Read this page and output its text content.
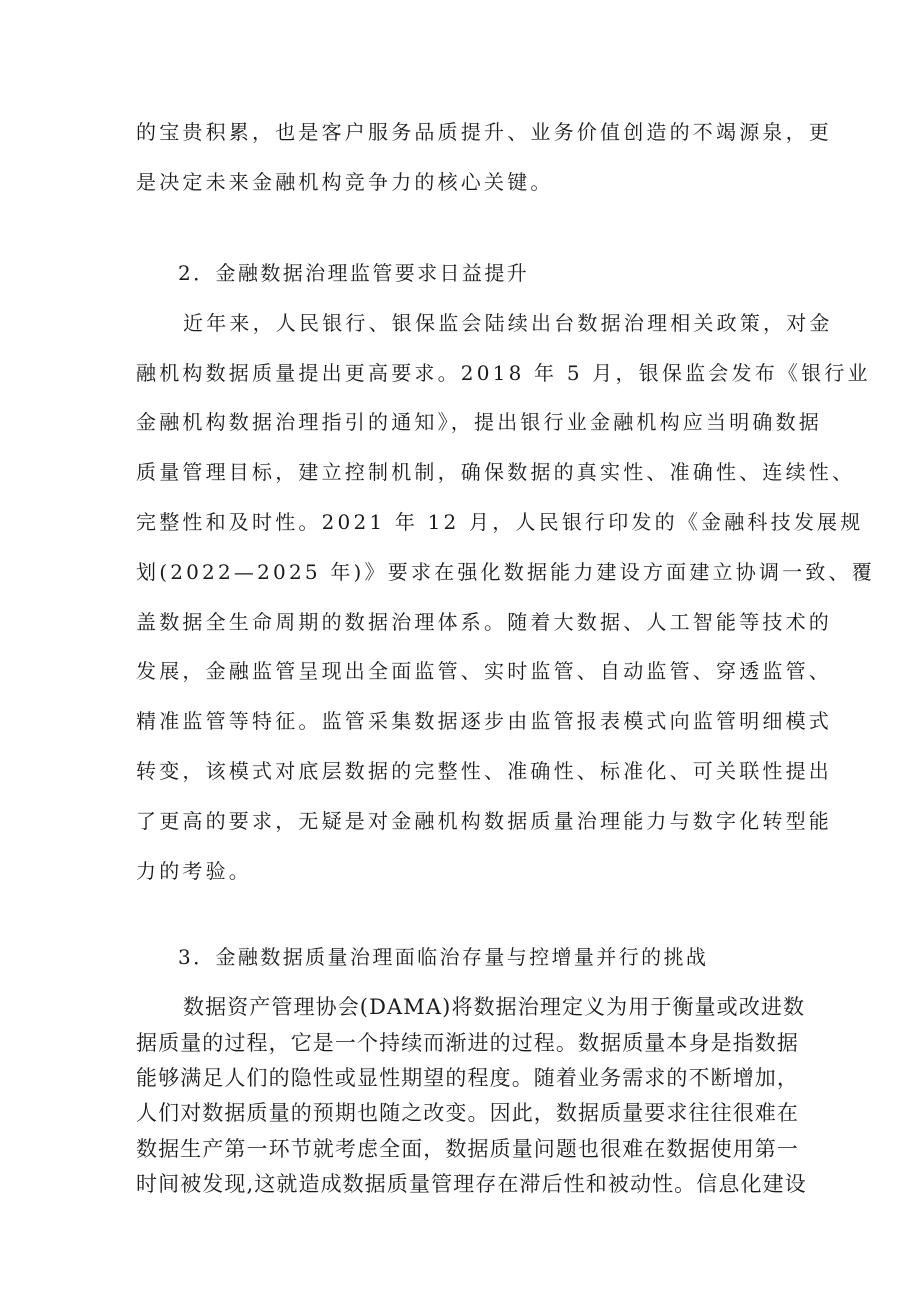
的宝贵积累，也是客户服务品质提升、业务价值创造的不竭源泉，更
是决定未来金融机构竞争力的核心关键。
2．金融数据治理监管要求日益提升
近年来，人民银行、银保监会陆续出台数据治理相关政策，对金
融机构数据质量提出更高要求。2018 年 5 月，银保监会发布《银行业
金融机构数据治理指引的通知》，提出银行业金融机构应当明确数据
质量管理目标，建立控制机制，确保数据的真实性、准确性、连续性、
完整性和及时性。2021 年 12 月，人民银行印发的《金融科技发展规
划(2022—2025 年)》要求在强化数据能力建设方面建立协调一致、覆
盖数据全生命周期的数据治理体系。随着大数据、人工智能等技术的
发展，金融监管呈现出全面监管、实时监管、自动监管、穿透监管、
精准监管等特征。监管采集数据逐步由监管报表模式向监管明细模式
转变，该模式对底层数据的完整性、准确性、标准化、可关联性提出
了更高的要求，无疑是对金融机构数据质量治理能力与数字化转型能
力的考验。
3．金融数据质量治理面临治存量与控增量并行的挑战
数据资产管理协会(DAMA)将数据治理定义为用于衡量或改进数
据质量的过程，它是一个持续而渐进的过程。数据质量本身是指数据
能够满足人们的隐性或显性期望的程度。随着业务需求的不断增加，
人们对数据质量的预期也随之改变。因此，数据质量要求往往很难在
数据生产第一环节就考虑全面，数据质量问题也很难在数据使用第一
时间被发现,这就造成数据质量管理存在滞后性和被动性。信息化建设
